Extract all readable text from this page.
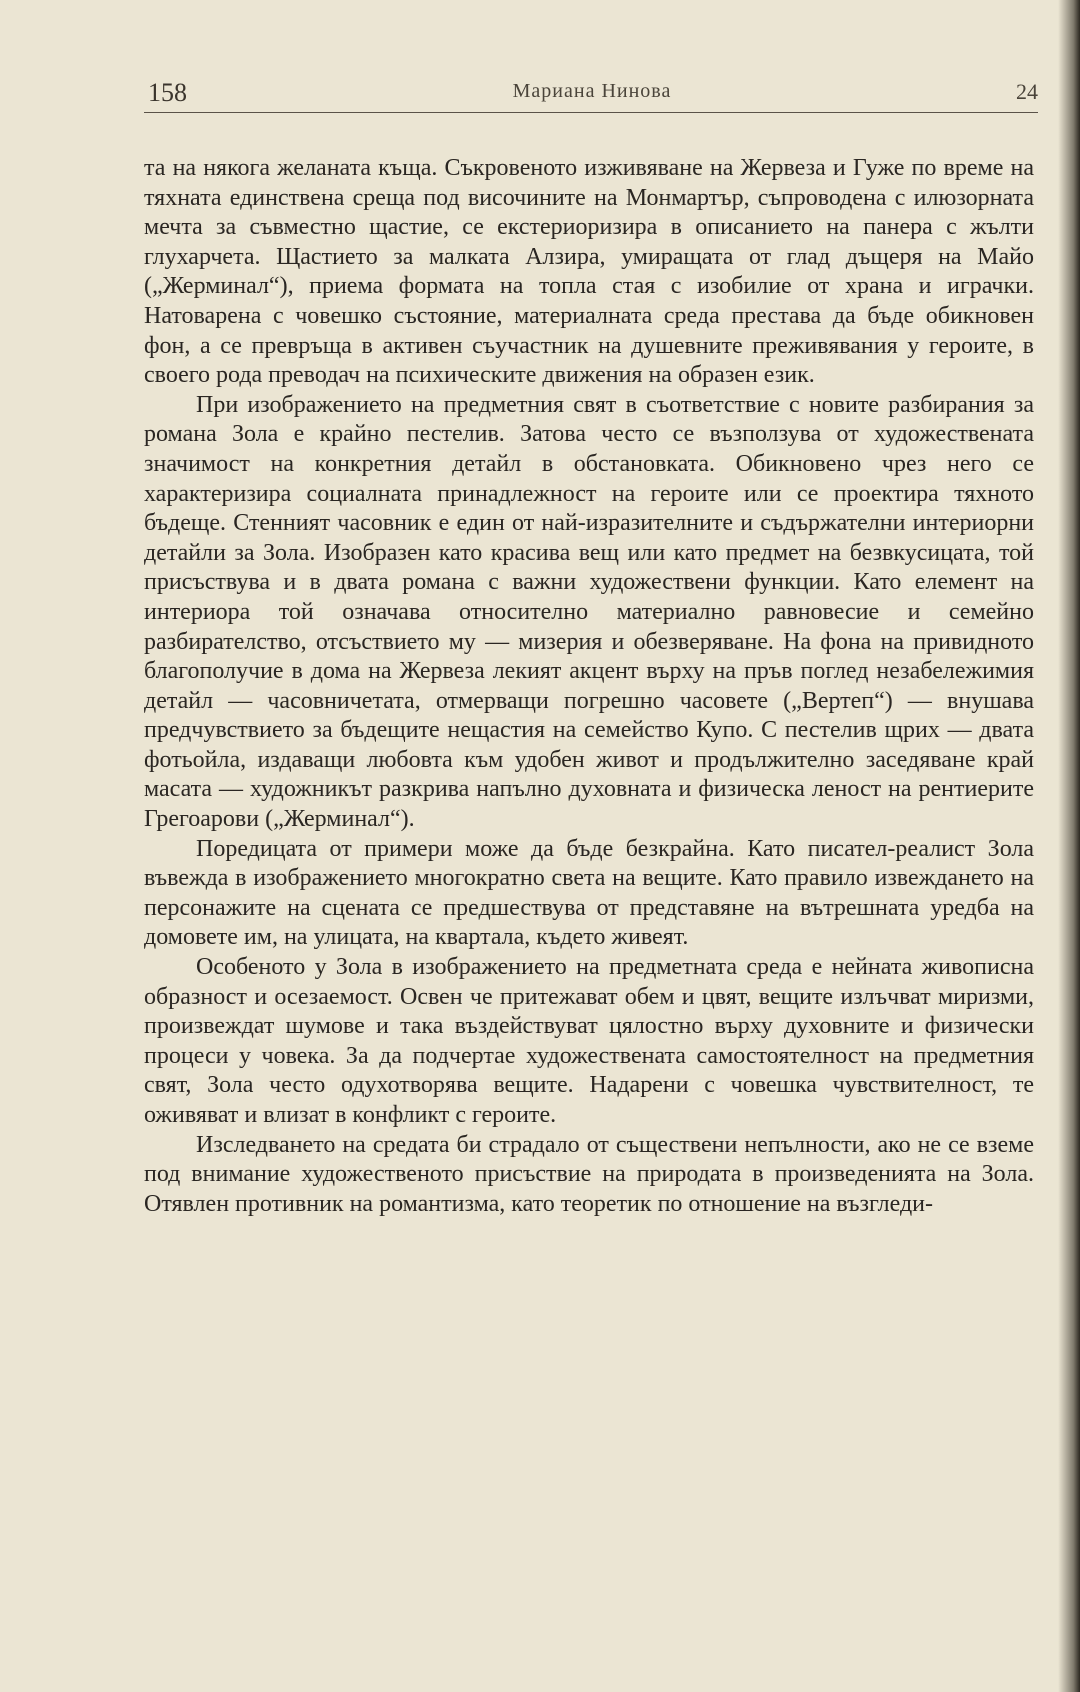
158	Мариана Нинова	24

та на някога желаната къща. Съкровеното изживяване на Жервеза и Гуже по време на тяхната единствена среща под височините на Монмартър, съпроводена с илюзорната мечта за съвместно щастие, се екстериоризира в описанието на панера с жълти глухарчета. Щастието за малката Алзира, умиращата от глад дъщеря на Майо („Жерминал“), приема формата на топла стая с изобилие от храна и играчки. Натоварена с човешко състояние, материалната среда престава да бъде обикновен фон, а се превръща в активен съучастник на душевните преживявания у героите, в своего рода преводач на психическите движения на образен език.

При изображението на предметния свят в съответствие с новите разбирания за романа Зола е крайно пестелив. Затова често се възползува от художествената значимост на конкретния детайл в обстановката. Обикновено чрез него се характеризира социалната принадлежност на героите или се проектира тяхното бъдеще. Стенният часовник е един от най-изразителните и съдържателни интериорни детайли за Зола. Изобразен като красива вещ или като предмет на безвкусицата, той присъствува и в двата романа с важни художествени функции. Като елемент на интериора той означава относително материално равновесие и семейно разбирателство, отсъствието му — мизерия и обезверяване. На фона на привидното благополучие в дома на Жервеза лекият акцент върху на пръв поглед незабележимия детайл — часовничетата, отмерващи погрешно часовете („Вертеп“) — внушава предчувствието за бъдещите нещастия на семейство Купо. С пестелив щрих — двата фотьойла, издаващи любовта към удобен живот и продължително заседяване край масата — художникът разкрива напълно духовната и физическа леност на рентиерите Грегоарови („Жерминал“).

Поредицата от примери може да бъде безкрайна. Като писател-реалист Зола въвежда в изображението многократно света на вещите. Като правило извеждането на персонажите на сцената се предшествува от представяне на вътрешната уредба на домовете им, на улицата, на квартала, където живеят.

Особеното у Зола в изображението на предметната среда е нейната живописна образност и осезаемост. Освен че притежават обем и цвят, вещите излъчват миризми, произвеждат шумове и така въздействуват цялостно върху духовните и физически процеси у човека. За да подчертае художествената самостоятелност на предметния свят, Зола често одухотворява вещите. Надарени с човешка чувствителност, те оживяват и влизат в конфликт с героите.

Изследването на средата би страдало от съществени непълности, ако не се вземе под внимание художественото присъствие на природата в произведенията на Зола. Отявлен противник на романтизма, като теоретик по отношение на възгледи-
